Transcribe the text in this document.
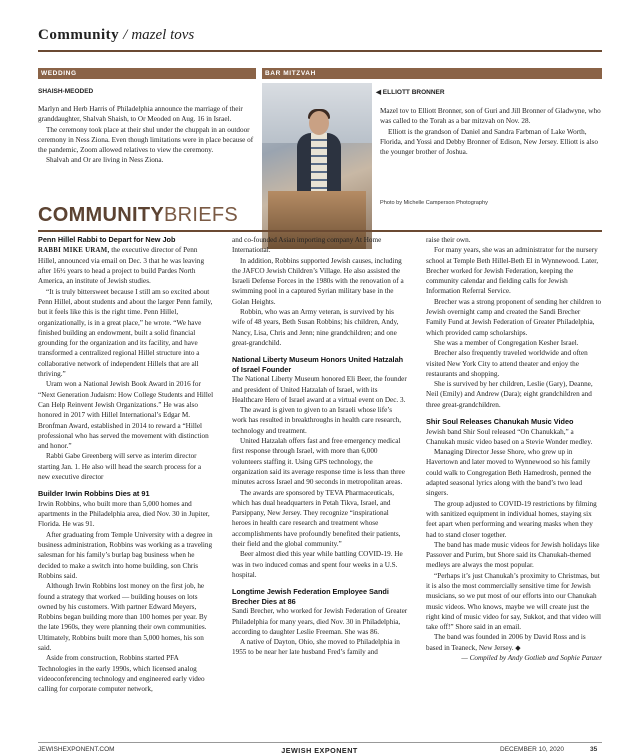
Community / mazel tovs
WEDDING
SHAISH-MEODED

Marlyn and Herb Harris of Philadelphia announce the marriage of their granddaughter, Shalvah Shaish, to Or Meoded on Aug. 16 in Israel.

The ceremony took place at their shul under the chuppah in an outdoor ceremony in Ness Ziona. Even though limitations were in place because of the pandemic, Zoom allowed relatives to view the ceremony.

Shalvah and Or are living in Ness Ziona.

BAR MITZVAH
◀ ELLIOTT BRONNER

Mazel tov to Elliott Bronner, son of Guri and Jill Bronner of Gladwyne, who was called to the Torah as a bar mitzvah on Nov. 28.

Elliott is the grandson of Daniel and Sandra Farbman of Lake Worth, Florida, and Yossi and Debby Bronner of Edison, New Jersey. Elliott is also the younger brother of Joshua.

Photo by Michelle Camperson Photography
COMMUNITYBRIEFS
Penn Hillel Rabbi to Depart for New Job

RABBI MIKE URAM, the executive director of Penn Hillel, announced via email on Dec. 3 that he was leaving after 16½ years to head a project to build Pardes North America, an institute of Jewish studies.

“It is truly bittersweet because I still am so excited about Penn Hillel, about students and about the larger Penn family, but it feels like this is the right time. Penn Hillel, organizationally, is in a great place,” he wrote. “We have finished building an endowment, built a solid financial grounding for the organization and its facility, and have transformed a centralized regional Hillel structure into a collaborative network of independent Hillels that are all thriving.”

Uram won a National Jewish Book Award in 2016 for “Next Generation Judaism: How College Students and Hillel Can Help Reinvent Jewish Organizations.” He was also honored in 2017 with Hillel International’s Edgar M. Bronfman Award, established in 2014 to reward a “Hillel professional who has served the movement with distinction and honor.”

Rabbi Gabe Greenberg will serve as interim director starting Jan. 1. He also will head the search process for a new executive director

Builder Irwin Robbins Dies at 91

Irwin Robbins, who built more than 5,000 homes and apartments in the Philadelphia area, died Nov. 30 in Jupiter, Florida. He was 91.

After graduating from Temple University with a degree in business administration, Robbins was working as a traveling salesman for his family’s burlap bag business when he decided to make a switch into home building, son Chris Robbins said.

Although Irwin Robbins lost money on the first job, he found a strategy that worked — building houses on lots owned by his customers. With partner Edward Meyers, Robbins began building more than 100 homes per year. By the late 1960s, they were planning their own communities. Ultimately, Robbins built more than 5,000 homes, his son said.

Aside from construction, Robbins started PFA Technologies in the early 1990s, which licensed analog videoconferencing technology and engineered early video calling for corporate computer network,

and co-founded Asian importing company At Home International.

In addition, Robbins supported Jewish causes, including the JAFCO Jewish Children’s Village. He also assisted the Israeli Defense Forces in the 1980s with the renovation of a swimming pool in a captured Syrian military base in the Golan Heights.

Robbin, who was an Army veteran, is survived by his wife of 48 years, Beth Susan Robbins; his children, Andy, Nancy, Lisa, Chris and Jenn; nine grandchildren; and one great-grandchild.

National Liberty Museum Honors United Hatzalah of Israel Founder

The National Liberty Museum honored Eli Beer, the founder and president of United Hatzalah of Israel, with its Healthcare Hero of Israel award at a virtual event on Dec. 3.

The award is given to given to an Israeli whose life’s work has resulted in breakthroughs in health care research, technology and treatment.

United Hatzalah offers fast and free emergency medical first response through Israel, with more than 6,000 volunteers staffing it. Using GPS technology, the organization said its average response time is less than three minutes across Israel and 90 seconds in metropolitan areas.

The awards are sponsored by TEVA Pharmaceuticals, which has dual headquarters in Petah Tikva, Israel, and Parsippany, New Jersey. They recognize “inspirational heroes in health care research and treatment whose accomplishments have profoundly benefited their patients, their field and the global community.”

Beer almost died this year while battling COVID-19. He was in two induced comas and spent four weeks in a U.S. hospital.

Longtime Jewish Federation Employee Sandi Brecher Dies at 86

Sandi Brecher, who worked for Jewish Federation of Greater Philadelphia for many years, died Nov. 30 in Philadelphia, according to daughter Leslie Freeman. She was 86.

A native of Dayton, Ohio, she moved to Philadelphia in 1955 to be near her late husband Fred’s family and

raise their own.

For many years, she was an administrator for the nursery school at Temple Beth Hillel-Beth El in Wynnewood. Later, Brecher worked for Jewish Federation, keeping the community calendar and fielding calls for Jewish Information Referral Service.

Brecher was a strong proponent of sending her children to Jewish overnight camp and created the Sandi Brecher Family Fund at Jewish Federation of Greater Philadelphia, which provided camp scholarships.

She was a member of Congregation Kesher Israel.

Brecher also frequently traveled worldwide and often visited New York City to attend theater and enjoy the restaurants and shopping.

She is survived by her children, Leslie (Gary), Deanne, Neil (Emily) and Andrew (Dara); eight grandchildren and three great-grandchildren.

Shir Soul Releases Chanukah Music Video

Jewish band Shir Soul released “On Chanukkah,” a Chanukah music video based on a Stevie Wonder medley.

Managing Director Jesse Shore, who grew up in Havertown and later moved to Wynnewood so his family could walk to Congregation Beth Hamedrosh, penned the adapted seasonal lyrics along with the band’s two lead singers.

The group adjusted to COVID-19 restrictions by filming with sanitized equipment in individual homes, staying six feet apart when performing and wearing masks when they had to stand closer together.

The band has made music videos for Jewish holidays like Passover and Purim, but Shore said its Chanukah-themed medleys are always the most popular.

“Perhaps it’s just Chanukah’s proximity to Christmas, but it is also the most commercially sensitive time for Jewish musicians, so we put most of our efforts into our Chanukah music videos. Who knows, maybe we will create just the right kind of music video for say, Sukkot, and that video will take off!” Shore said in an email.

The band was founded in 2006 by David Ross and is based in Teaneck, New Jersey. ◆

— Compiled by Andy Gotlieb and Sophie Panzer

JEWISHEXPONENT.COM	JEWISH EXPONENT	DECEMBER 10, 2020	35
